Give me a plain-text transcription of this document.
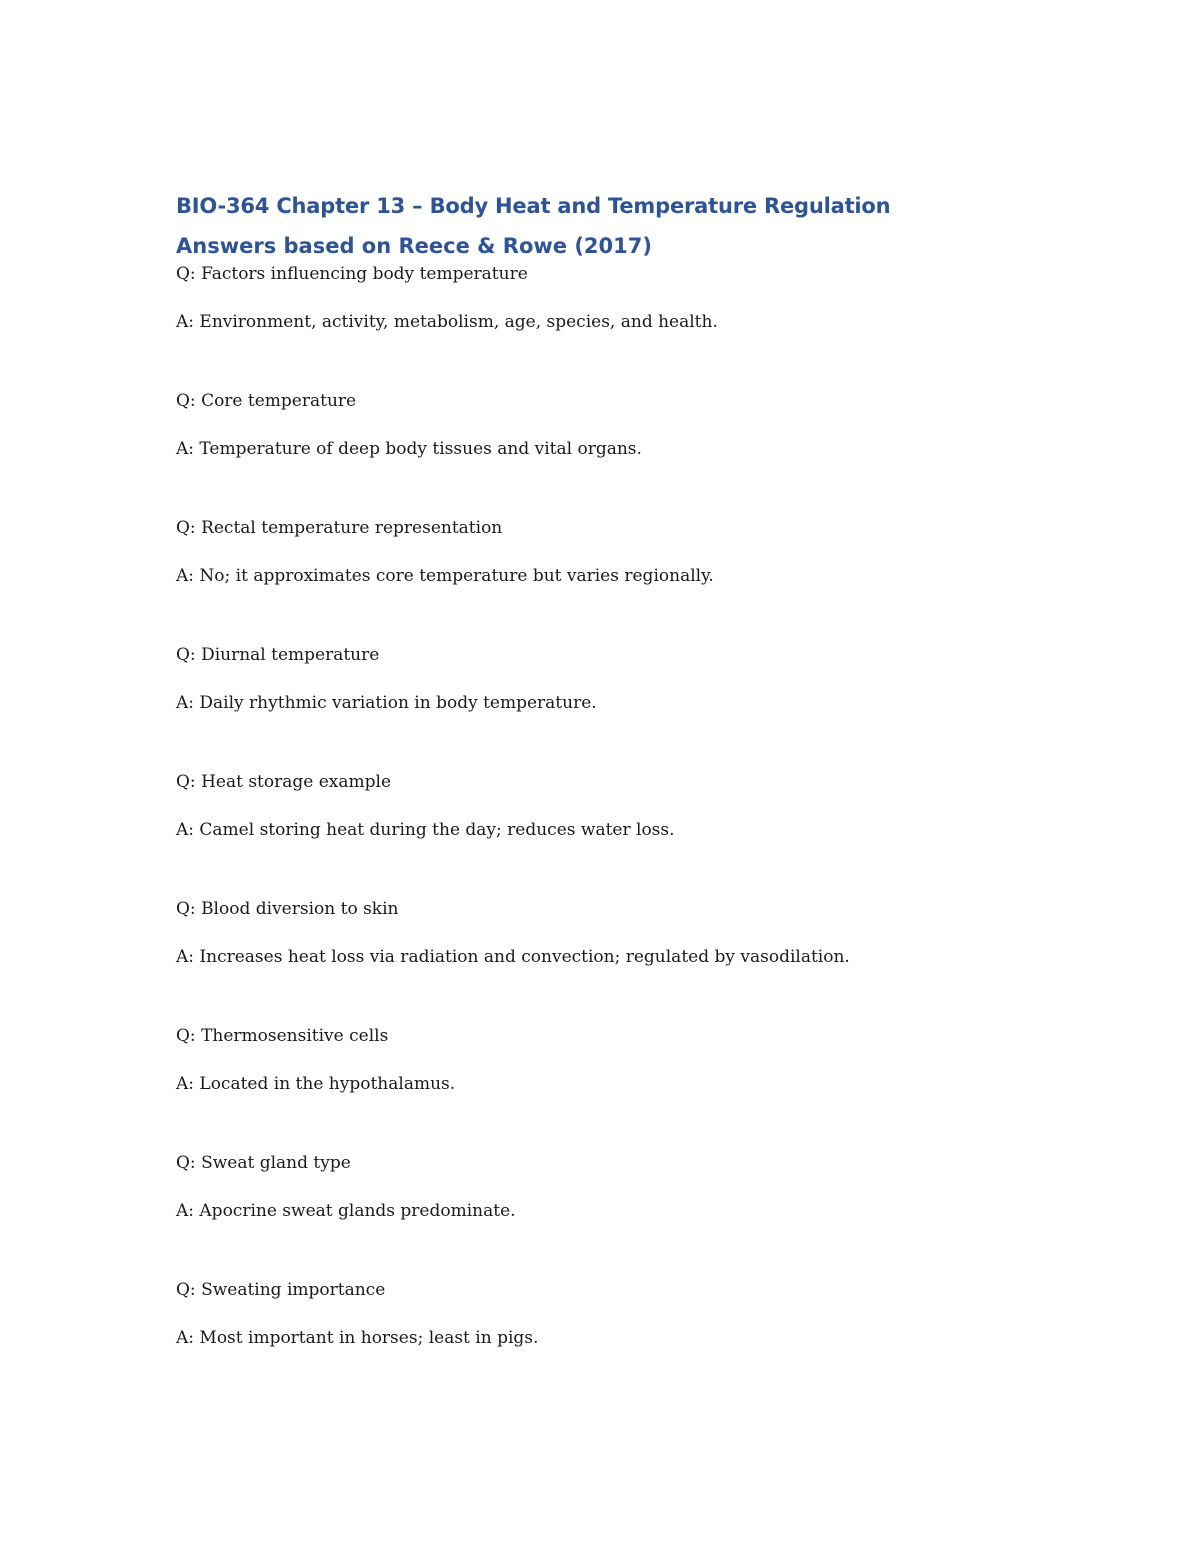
BIO-364 Chapter 13 – Body Heat and Temperature Regulation
Answers based on Reece & Rowe (2017)

Q: Factors influencing body temperature

A: Environment, activity, metabolism, age, species, and health.

Q: Core temperature

A: Temperature of deep body tissues and vital organs.

Q: Rectal temperature representation

A: No; it approximates core temperature but varies regionally.

Q: Diurnal temperature

A: Daily rhythmic variation in body temperature.

Q: Heat storage example

A: Camel storing heat during the day; reduces water loss.

Q: Blood diversion to skin

A: Increases heat loss via radiation and convection; regulated by vasodilation.

Q: Thermosensitive cells

A: Located in the hypothalamus.

Q: Sweat gland type

A: Apocrine sweat glands predominate.

Q: Sweating importance

A: Most important in horses; least in pigs.
